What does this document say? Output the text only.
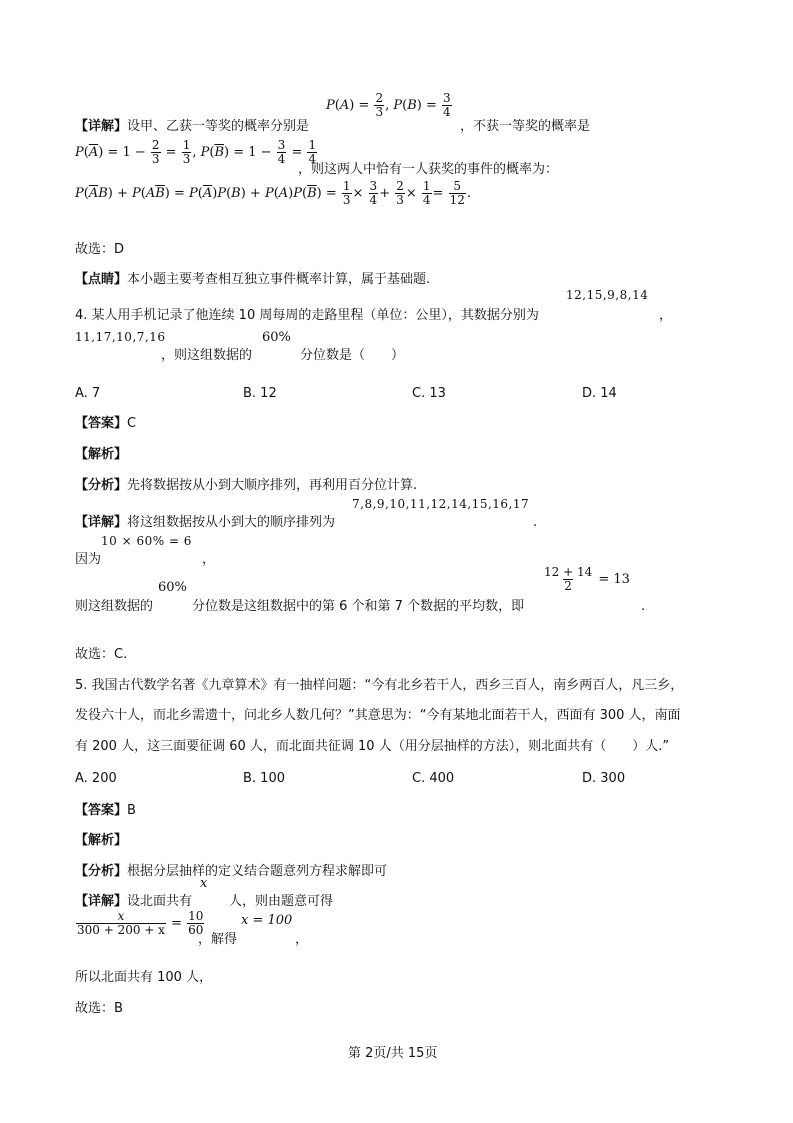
$P(A) = \frac{2}{3}$ , $P(B) = \frac{3}{4}$
【详解】设甲、乙获一等奖的概率分别是	，不获一等奖的概率是
$P(\overline{A}) = 1 - \frac{2}{3} = \frac{1}{3}$ , $P(\overline{B}) = 1 - \frac{3}{4} = \frac{1}{4}$
，则这两人中恰有一人获奖的事件的概率为：
$P(\overline{A}B) + P(A\overline{B}) = P(\overline{A})P(B) + P(A)P(\overline{B}) = \frac{1}{3} \times \frac{3}{4} + \frac{2}{3} \times \frac{1}{4} = \frac{5}{12}$ .
故选：D
【点睛】本小题主要考查相互独立事件概率计算，属于基础题.
12,15,9,8,14
4. 某人用手机记录了他连续 10 周每周的走路里程（单位：公里），其数据分别为	，
11,17,10,7,16	60%
，则这组数据的	分位数是（　　）
A. 7	B. 12	C. 13	D. 14
【答案】C
【解析】
【分析】先将数据按从小到大顺序排列，再利用百分位计算.
7,8,9,10,11,12,14,15,16,17
【详解】将这组数据按从小到大的顺序排列为	.
10 × 60% = 6
因为	，
60%	$\frac{12 + 14}{2} = 13$
则这组数据的	分位数是这组数据中的第 6 个和第 7 个数据的平均数，即	.
故选：C.
5. 我国古代数学名著《九章算术》有一抽样问题：“今有北乡若干人，西乡三百人，南乡两百人，凡三乡，
发役六十人，而北乡需遗十，问北乡人数几何？”其意思为：“今有某地北面若干人，西面有 300 人，南面
有 200 人，这三面要征调 60 人，而北面共征调 10 人（用分层抽样的方法），则北面共有（　　）人.”
A. 200	B. 100	C. 400	D. 300
【答案】B
【解析】
【分析】根据分层抽样的定义结合题意列方程求解即可
x
【详解】设北面共有	人，则由题意可得
$\frac{x}{300 + 200 + x} = \frac{10}{60}$
，解得
x = 100
，
所以北面共有 100 人，
故选：B
第 2页/共 15页
